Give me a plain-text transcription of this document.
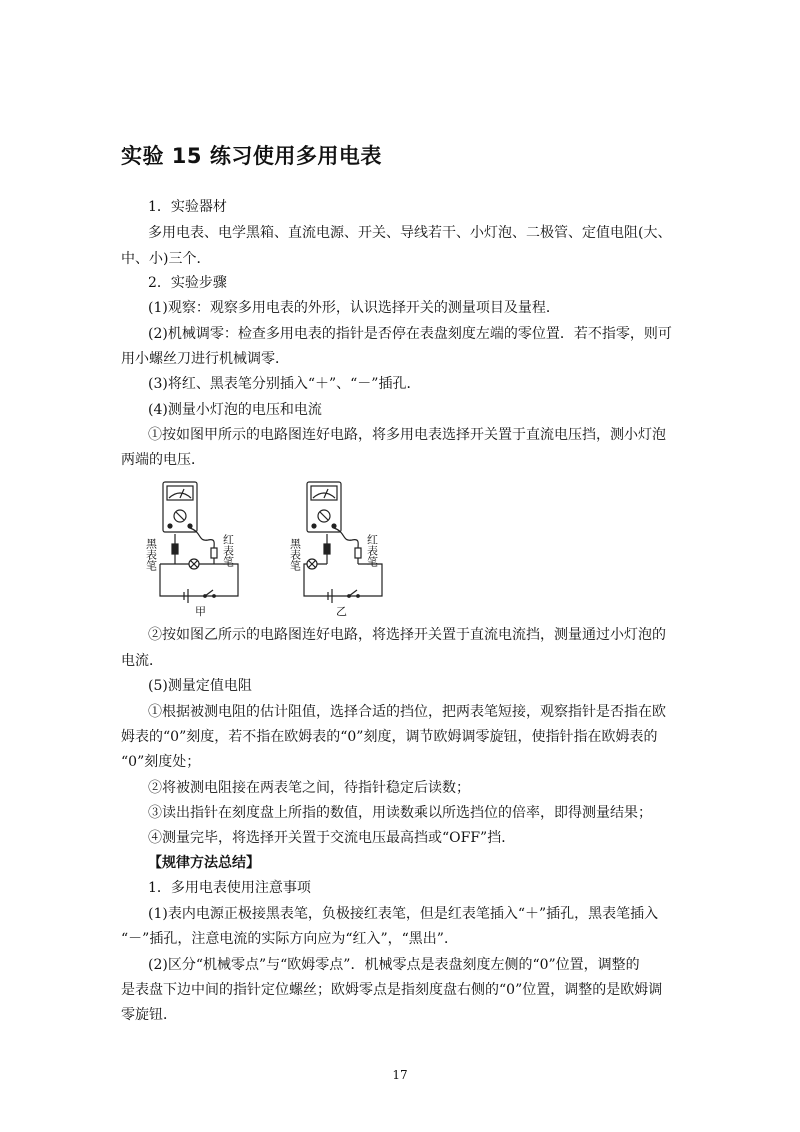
实验 15 练习使用多用电表
1．实验器材
多用电表、电学黑箱、直流电源、开关、导线若干、小灯泡、二极管、定值电阻(大、
中、小)三个．
2．实验步骤
(1)观察：观察多用电表的外形，认识选择开关的测量项目及量程．
(2)机械调零：检查多用电表的指针是否停在表盘刻度左端的零位置．若不指零，则可
用小螺丝刀进行机械调零．
(3)将红、黑表笔分别插入“＋”、“－”插孔．
(4)测量小灯泡的电压和电流
①按如图甲所示的电路图连好电路，将多用电表选择开关置于直流电压挡，测小灯泡
两端的电压．
黑表笔	红表笔
甲
黑表笔	红表笔
乙
②按如图乙所示的电路图连好电路，将选择开关置于直流电流挡，测量通过小灯泡的
电流．
(5)测量定值电阻
①根据被测电阻的估计阻值，选择合适的挡位，把两表笔短接，观察指针是否指在欧
姆表的“0”刻度，若不指在欧姆表的“0”刻度，调节欧姆调零旋钮，使指针指在欧姆表的
“0”刻度处；
②将被测电阻接在两表笔之间，待指针稳定后读数；
③读出指针在刻度盘上所指的数值，用读数乘以所选挡位的倍率，即得测量结果；
④测量完毕，将选择开关置于交流电压最高挡或“OFF”挡．
【规律方法总结】
1．多用电表使用注意事项
(1)表内电源正极接黑表笔，负极接红表笔，但是红表笔插入“＋”插孔，黑表笔插入
“－”插孔，注意电流的实际方向应为“红入”，“黑出”．
(2)区分“机械零点”与“欧姆零点”．机械零点是表盘刻度左侧的“0”位置，调整的
是表盘下边中间的指针定位螺丝；欧姆零点是指刻度盘右侧的“0”位置，调整的是欧姆调
零旋钮．
17
